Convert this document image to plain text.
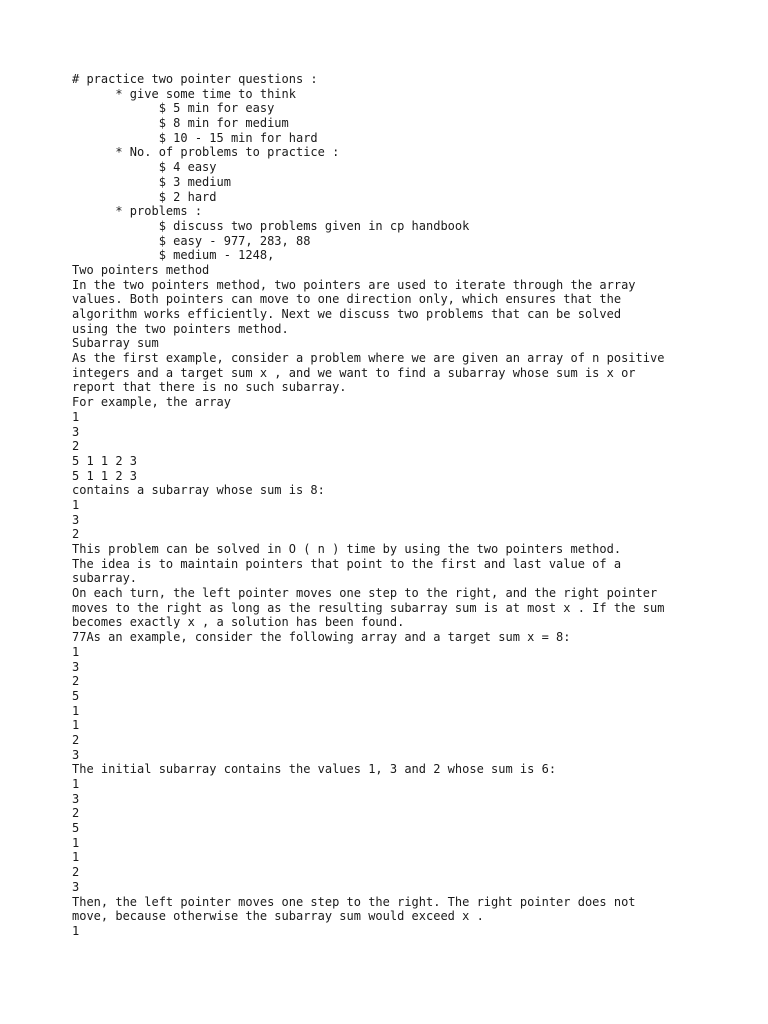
# practice two pointer questions :
* give some time to think
$ 5 min for easy
$ 8 min for medium
$ 10 - 15 min for hard
* No. of problems to practice :
$ 4 easy
$ 3 medium
$ 2 hard
* problems :
$ discuss two problems given in cp handbook
$ easy - 977, 283, 88
$ medium - 1248,
Two pointers method
In the two pointers method, two pointers are used to iterate through the array
values. Both pointers can move to one direction only, which ensures that the
algorithm works efficiently. Next we discuss two problems that can be solved
using the two pointers method.
Subarray sum
As the first example, consider a problem where we are given an array of n positive
integers and a target sum x , and we want to find a subarray whose sum is x or
report that there is no such subarray.
For example, the array
1
3
2
5 1 1 2 3
5 1 1 2 3
contains a subarray whose sum is 8:
1
3
2
This problem can be solved in O ( n ) time by using the two pointers method.
The idea is to maintain pointers that point to the first and last value of a
subarray.
On each turn, the left pointer moves one step to the right, and the right pointer
moves to the right as long as the resulting subarray sum is at most x . If the sum
becomes exactly x , a solution has been found.
77As an example, consider the following array and a target sum x = 8:
1
3
2
5
1
1
2
3
The initial subarray contains the values 1, 3 and 2 whose sum is 6:
1
3
2
5
1
1
2
3
Then, the left pointer moves one step to the right. The right pointer does not
move, because otherwise the subarray sum would exceed x .
1
